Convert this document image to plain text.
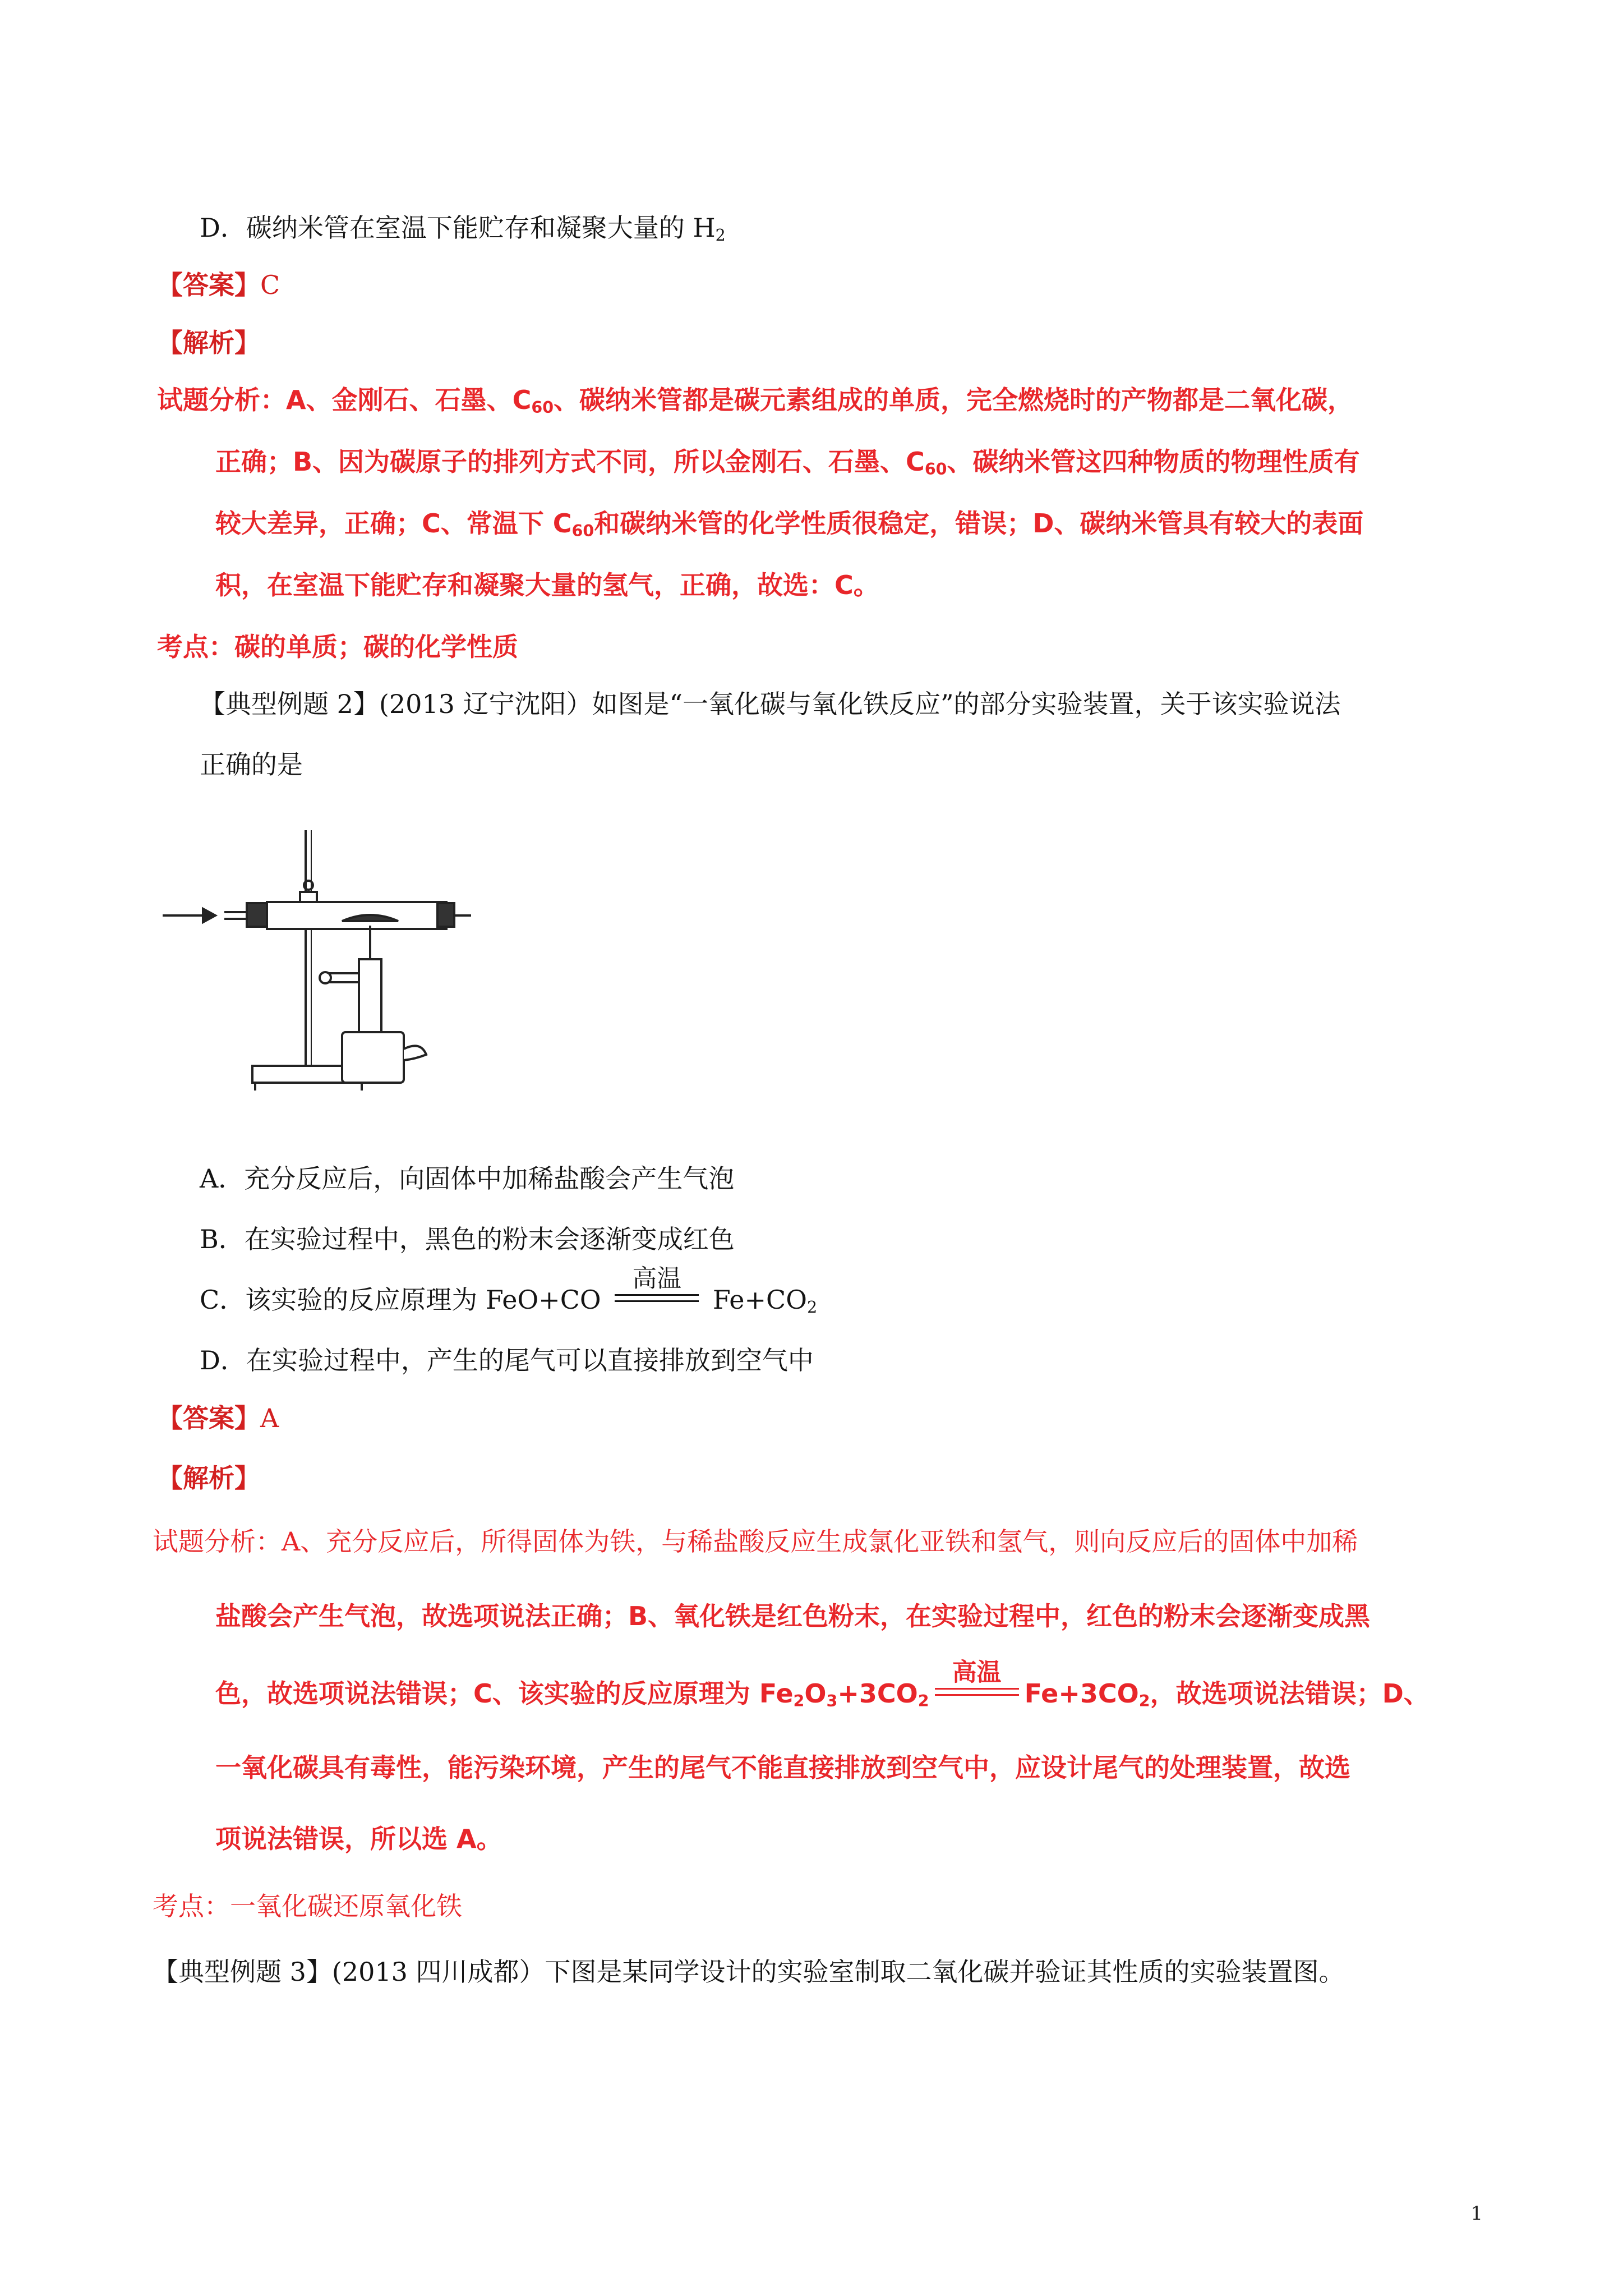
D．碳纳米管在室温下能贮存和凝聚大量的 $H_2$
【答案】C
【解析】
试题分析：A、金刚石、石墨、$C_{60}$、碳纳米管都是碳元素组成的单质，完全燃烧时的产物都是二氧化碳，
正确；B、因为碳原子的排列方式不同，所以金刚石、石墨、$C_{60}$、碳纳米管这四种物质的物理性质有
较大差异，正确；C、常温下 $C_{60}$和碳纳米管的化学性质很稳定，错误；D、碳纳米管具有较大的表面
积，在室温下能贮存和凝聚大量的氢气，正确，故选：C。
考点：碳的单质；碳的化学性质
【典型例题 2】(2013 辽宁沈阳）如图是“一氧化碳与氧化铁反应”的部分实验装置，关于该实验说法
正确的是
A．充分反应后，向固体中加稀盐酸会产生气泡
B．在实验过程中，黑色的粉末会逐渐变成红色
C．该实验的反应原理为 FeO+CO
高温
$Fe+CO_2$
D．在实验过程中，产生的尾气可以直接排放到空气中
【答案】A
【解析】
试题分析：A、充分反应后，所得固体为铁，与稀盐酸反应生成氯化亚铁和氢气，则向反应后的固体中加稀
盐酸会产生气泡，故选项说法正确；B、氧化铁是红色粉末，在实验过程中，红色的粉末会逐渐变成黑
色，故选项说法错误；C、该实验的反应原理为 $Fe_2O_3+3CO_2$
高温
$Fe+3CO_2$，故选项说法错误；D、
一氧化碳具有毒性，能污染环境，产生的尾气不能直接排放到空气中，应设计尾气的处理装置，故选
项说法错误，所以选 A。
考点：一氧化碳还原氧化铁
【典型例题 3】(2013 四川成都）下图是某同学设计的实验室制取二氧化碳并验证其性质的实验装置图。
1
